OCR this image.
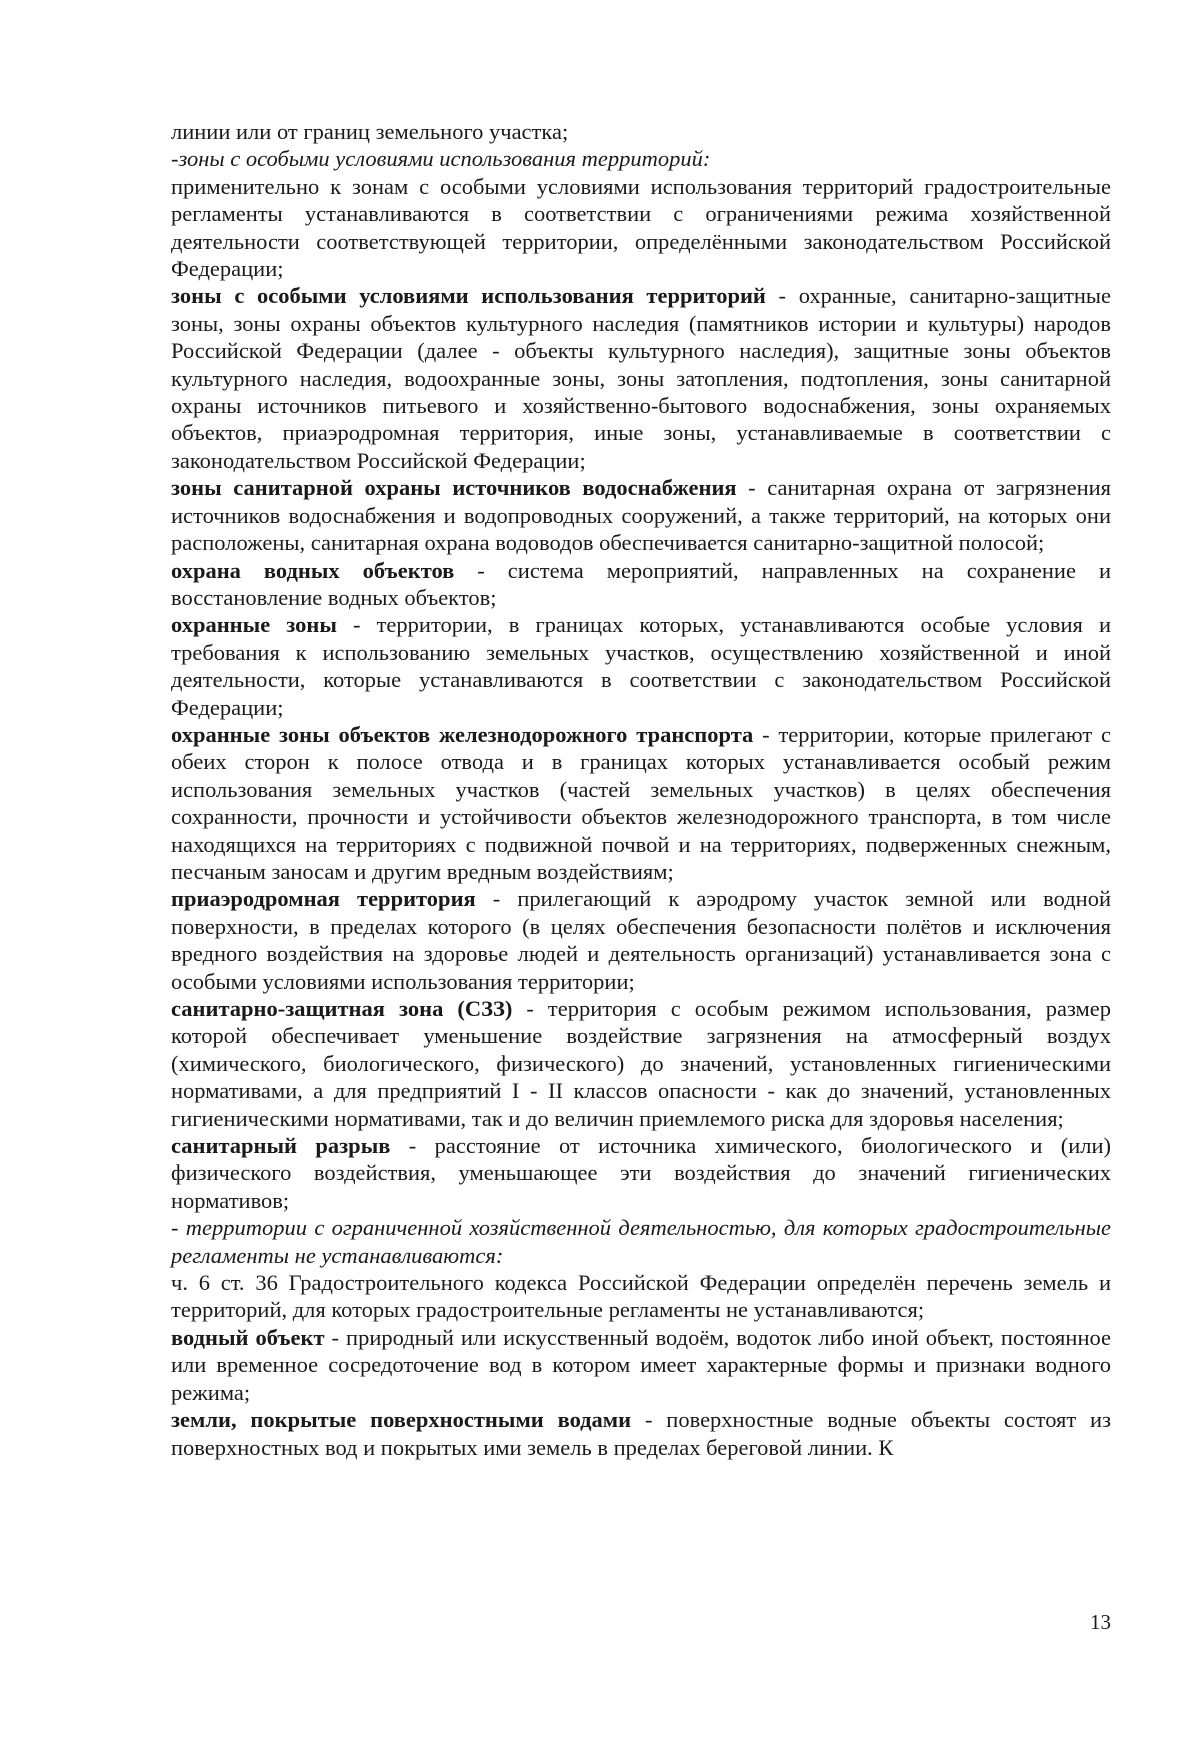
линии или от границ земельного участка;

-зоны с особыми условиями использования территорий:

применительно к зонам с особыми условиями использования территорий градостроительные регламенты устанавливаются в соответствии с ограничениями режима хозяйственной деятельности соответствующей территории, определёнными законодательством Российской Федерации;

зоны с особыми условиями использования территорий - охранные, санитарно-защитные зоны, зоны охраны объектов культурного наследия (памятников истории и культуры) народов Российской Федерации (далее - объекты культурного наследия), защитные зоны объектов культурного наследия, водоохранные зоны, зоны затопления, подтопления, зоны санитарной охраны источников питьевого и хозяйственно-бытового водоснабжения, зоны охраняемых объектов, приаэродромная территория, иные зоны, устанавливаемые в соответствии с законодательством Российской Федерации;

зоны санитарной охраны источников водоснабжения - санитарная охрана от загрязнения источников водоснабжения и водопроводных сооружений, а также территорий, на которых они расположены, санитарная охрана водоводов обеспечивается санитарно-защитной полосой;

охрана водных объектов - система мероприятий, направленных на сохранение и восстановление водных объектов;

охранные зоны - территории, в границах которых, устанавливаются особые условия и требования к использованию земельных участков, осуществлению хозяйственной и иной деятельности, которые устанавливаются в соответствии с законодательством Российской Федерации;

охранные зоны объектов железнодорожного транспорта - территории, которые прилегают с обеих сторон к полосе отвода и в границах которых устанавливается особый режим использования земельных участков (частей земельных участков) в целях обеспечения сохранности, прочности и устойчивости объектов железнодорожного транспорта, в том числе находящихся на территориях с подвижной почвой и на территориях, подверженных снежным, песчаным заносам и другим вредным воздействиям;

приаэродромная территория - прилегающий к аэродрому участок земной или водной поверхности, в пределах которого (в целях обеспечения безопасности полётов и исключения вредного воздействия на здоровье людей и деятельность организаций) устанавливается зона с особыми условиями использования территории;

санитарно-защитная зона (СЗЗ) - территория с особым режимом использования, размер которой обеспечивает уменьшение воздействие загрязнения на атмосферный воздух (химического, биологического, физического) до значений, установленных гигиеническими нормативами, а для предприятий I - II классов опасности - как до значений, установленных гигиеническими нормативами, так и до величин приемлемого риска для здоровья населения;

санитарный разрыв - расстояние от источника химического, биологического и (или) физического воздействия, уменьшающее эти воздействия до значений гигиенических нормативов;

- территории с ограниченной хозяйственной деятельностью, для которых градостроительные регламенты не устанавливаются:

ч. 6 ст. 36 Градостроительного кодекса Российской Федерации определён перечень земель и территорий, для которых градостроительные регламенты не устанавливаются;

водный объект - природный или искусственный водоём, водоток либо иной объект, постоянное или временное сосредоточение вод в котором имеет характерные формы и признаки водного режима;

земли, покрытые поверхностными водами - поверхностные водные объекты состоят из поверхностных вод и покрытых ими земель в пределах береговой линии. К

13
